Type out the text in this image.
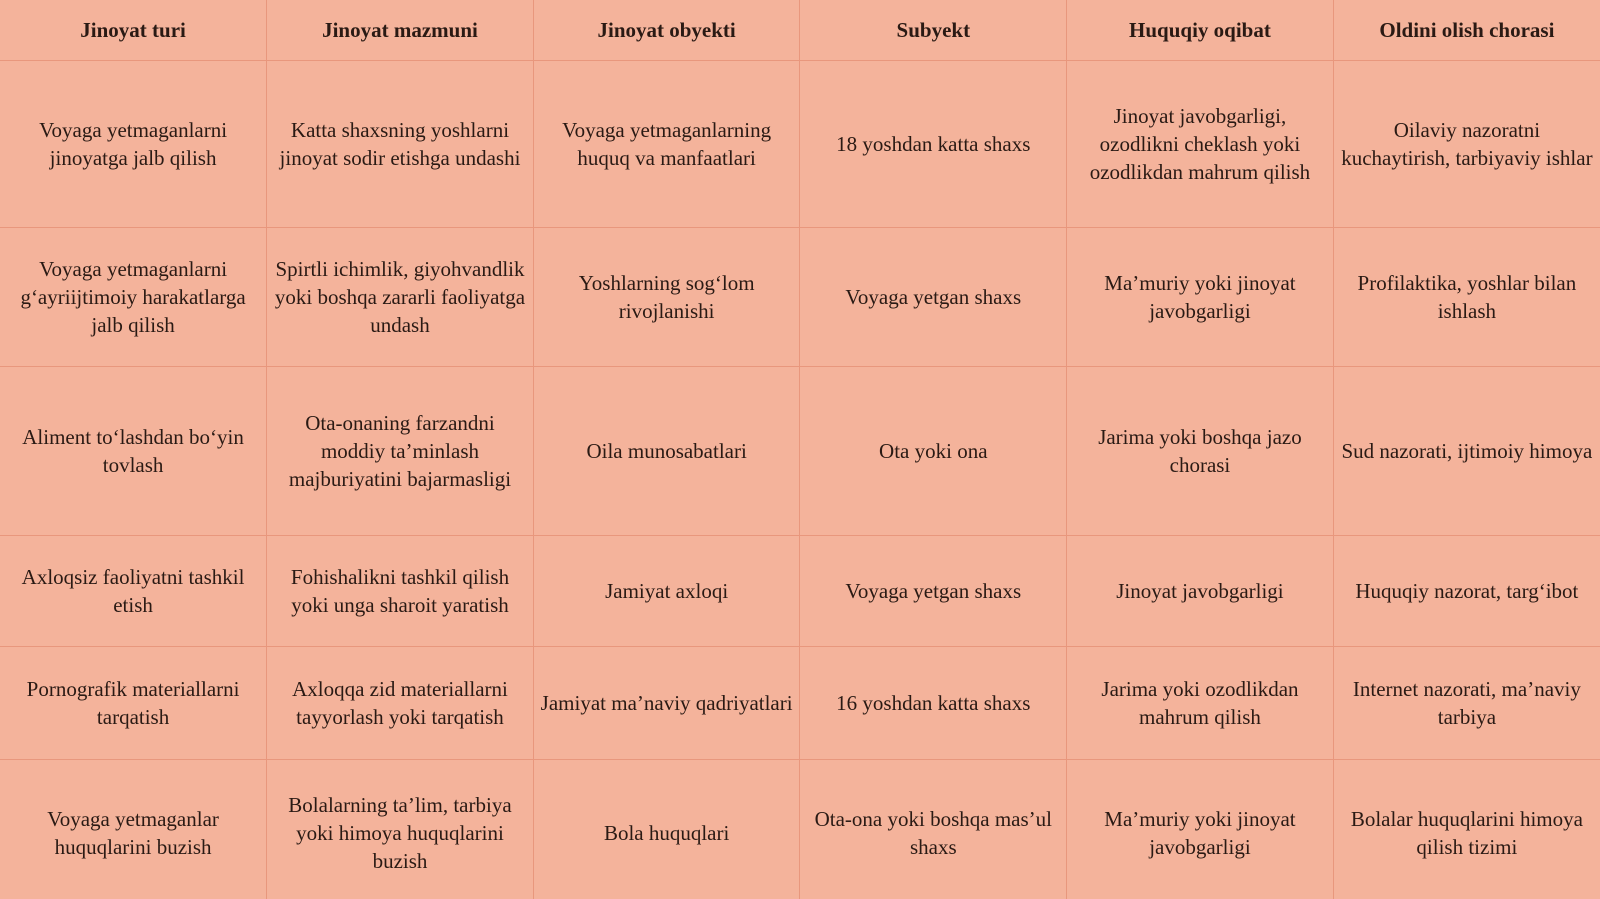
Jinoyat turi	Jinoyat mazmuni	Jinoyat obyekti	Subyekt	Huquqiy oqibat	Oldini olish chorasi
Voyaga yetmaganlarni jinoyatga jalb qilish	Katta shaxsning yoshlarni jinoyat sodir etishga undashi	Voyaga yetmaganlarning huquq va manfaatlari	18 yoshdan katta shaxs	Jinoyat javobgarligi, ozodlikni cheklash yoki ozodlikdan mahrum qilish	Oilaviy nazoratni kuchaytirish, tarbiyaviy ishlar
Voyaga yetmaganlarni g‘ayriijtimoiy harakatlarga jalb qilish	Spirtli ichimlik, giyohvandlik yoki boshqa zararli faoliyatga undash	Yoshlarning sog‘lom rivojlanishi	Voyaga yetgan shaxs	Ma’muriy yoki jinoyat javobgarligi	Profilaktika, yoshlar bilan ishlash
Aliment to‘lashdan bo‘yin tovlash	Ota-onaning farzandni moddiy ta’minlash majburiyatini bajarmasligi	Oila munosabatlari	Ota yoki ona	Jarima yoki boshqa jazo chorasi	Sud nazorati, ijtimoiy himoya
Axloqsiz faoliyatni tashkil etish	Fohishalikni tashkil qilish yoki unga sharoit yaratish	Jamiyat axloqi	Voyaga yetgan shaxs	Jinoyat javobgarligi	Huquqiy nazorat, targ‘ibot
Pornografik materiallarni tarqatish	Axloqqa zid materiallarni tayyorlash yoki tarqatish	Jamiyat ma’naviy qadriyatlari	16 yoshdan katta shaxs	Jarima yoki ozodlikdan mahrum qilish	Internet nazorati, ma’naviy tarbiya
Voyaga yetmaganlar huquqlarini buzish	Bolalarning ta’lim, tarbiya yoki himoya huquqlarini buzish	Bola huquqlari	Ota-ona yoki boshqa mas’ul shaxs	Ma’muriy yoki jinoyat javobgarligi	Bolalar huquqlarini himoya qilish tizimi
